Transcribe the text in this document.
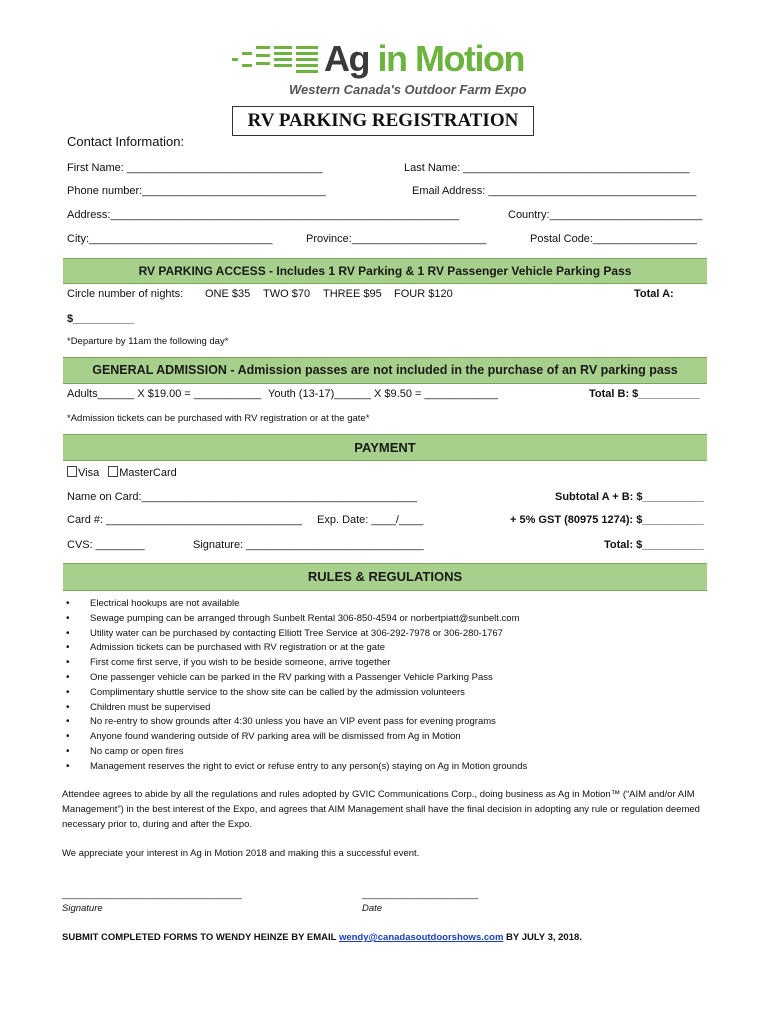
Ag in Motion
Western Canada's Outdoor Farm Expo
RV PARKING REGISTRATION
Contact Information:
First Name: ________________________________	Last Name: _____________________________________
Phone number:______________________________	Email Address: __________________________________
Address:_________________________________________________________	Country:_________________________
City:______________________________	Province:______________________	Postal Code:_________________
RV PARKING ACCESS - Includes 1 RV Parking & 1 RV Passenger Vehicle Parking Pass
Circle number of nights: ONE $35 TWO $70 THREE $95 FOUR $120	Total A:
$__________
*Departure by 11am the following day*
GENERAL ADMISSION - Admission passes are not included in the purchase of an RV parking pass
Adults______ X $19.00 = ___________ Youth (13-17)______ X $9.50 = ____________	Total B: $__________
*Admission tickets can be purchased with RV registration or at the gate*
PAYMENT
Visa MasterCard
Name on Card:_____________________________________________	Subtotal A + B: $__________
Card #: ________________________________ Exp. Date: ____/____	+ 5% GST (80975 1274): $__________
CVS: ________	Signature: _____________________________	Total: $__________
RULES & REGULATIONS
• Electrical hookups are not available
• Sewage pumping can be arranged through Sunbelt Rental 306-850-4594 or norbertpiatt@sunbelt.com
• Utility water can be purchased by contacting Elliott Tree Service at 306-292-7978 or 306-280-1767
• Admission tickets can be purchased with RV registration or at the gate
• First come first serve, if you wish to be beside someone, arrive together
• One passenger vehicle can be parked in the RV parking with a Passenger Vehicle Parking Pass
• Complimentary shuttle service to the show site can be called by the admission volunteers
• Children must be supervised
• No re-entry to show grounds after 4:30 unless you have an VIP event pass for evening programs
• Anyone found wandering outside of RV parking area will be dismissed from Ag in Motion
• No camp or open fires
• Management reserves the right to evict or refuse entry to any person(s) staying on Ag in Motion grounds
Attendee agrees to abide by all the regulations and rules adopted by GVIC Communications Corp., doing business as Ag in Motion™ (“AIM and/or AIM Management”) in the best interest of the Expo, and agrees that AIM Management shall have the final decision in adopting any rule or regulation deemed necessary prior to, during and after the Expo.
We appreciate your interest in Ag in Motion 2018 and making this a successful event.
__________________________________
Signature
______________________
Date
SUBMIT COMPLETED FORMS TO WENDY HEINZE BY EMAIL wendy@canadasoutdoorshows.com BY JULY 3, 2018.
